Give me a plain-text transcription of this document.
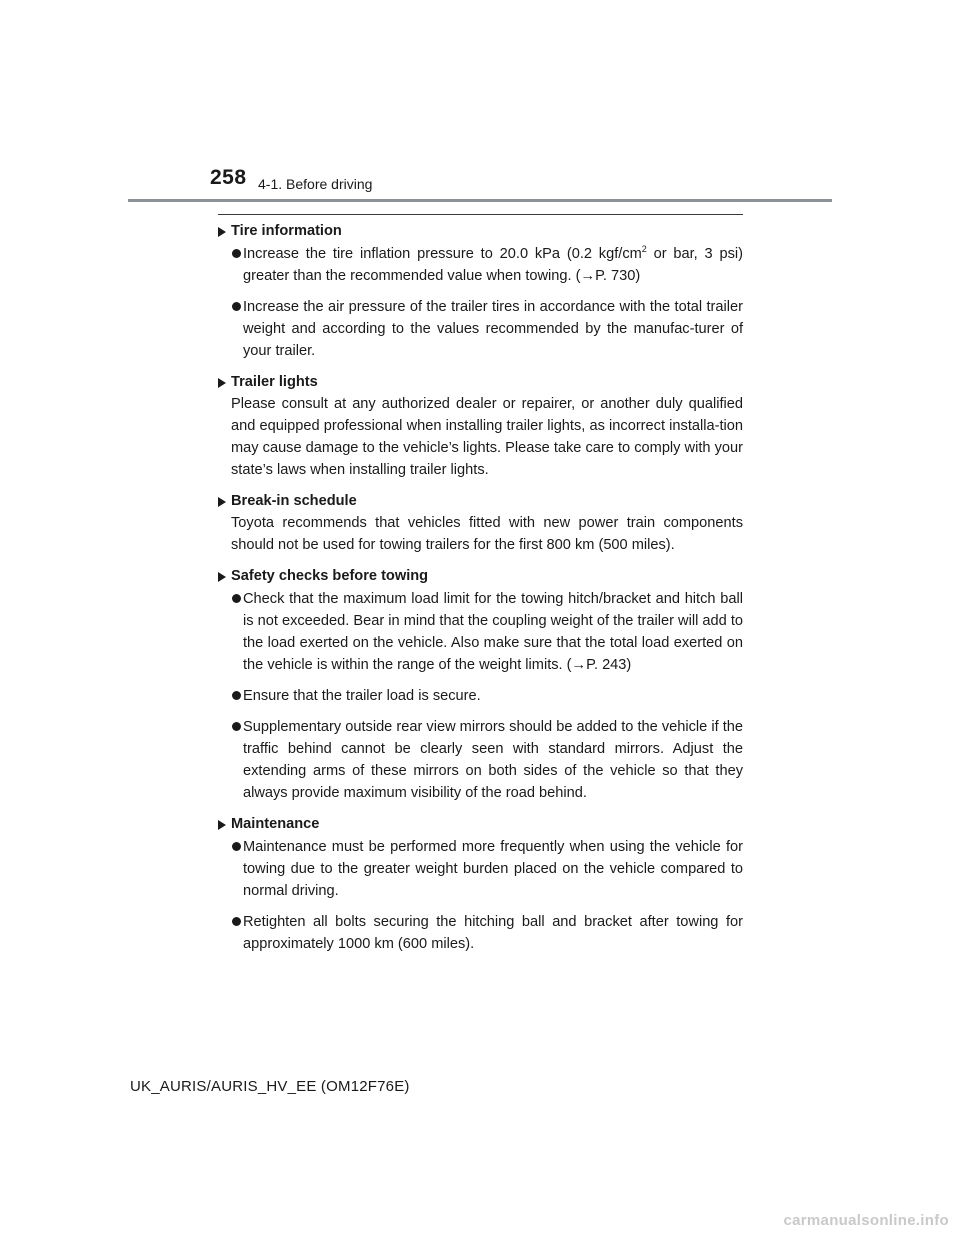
258 4-1. Before driving
Tire information
Increase the tire inflation pressure to 20.0 kPa (0.2 kgf/$cm^2$ or bar, 3 psi) greater than the recommended value when towing. (→P. 730)
Increase the air pressure of the trailer tires in accordance with the total trailer weight and according to the values recommended by the manufac-turer of your trailer.
Trailer lights
Please consult at any authorized dealer or repairer, or another duly qualified and equipped professional when installing trailer lights, as incorrect installa-tion may cause damage to the vehicle’s lights. Please take care to comply with your state’s laws when installing trailer lights.
Break-in schedule
Toyota recommends that vehicles fitted with new power train components should not be used for towing trailers for the first 800 km (500 miles).
Safety checks before towing
Check that the maximum load limit for the towing hitch/bracket and hitch ball is not exceeded. Bear in mind that the coupling weight of the trailer will add to the load exerted on the vehicle. Also make sure that the total load exerted on the vehicle is within the range of the weight limits. (→P. 243)
Ensure that the trailer load is secure.
Supplementary outside rear view mirrors should be added to the vehicle if the traffic behind cannot be clearly seen with standard mirrors. Adjust the extending arms of these mirrors on both sides of the vehicle so that they always provide maximum visibility of the road behind.
Maintenance
Maintenance must be performed more frequently when using the vehicle for towing due to the greater weight burden placed on the vehicle compared to normal driving.
Retighten all bolts securing the hitching ball and bracket after towing for approximately 1000 km (600 miles).
UK_AURIS/AURIS_HV_EE (OM12F76E)
carmanualsonline.info
